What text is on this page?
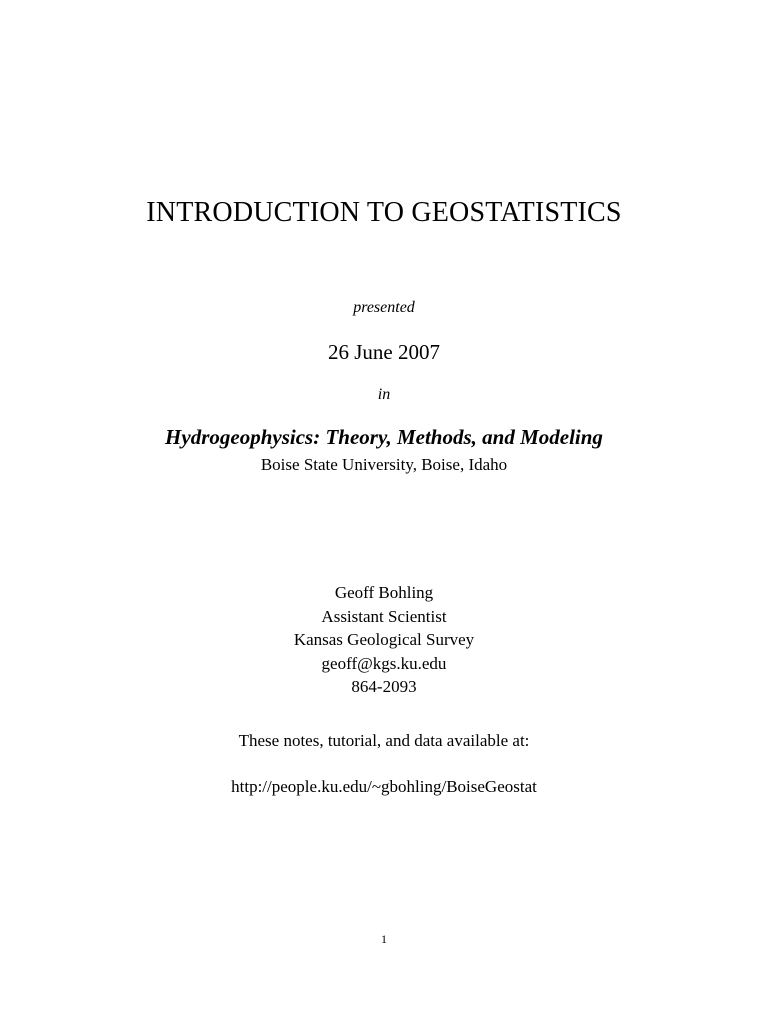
INTRODUCTION TO GEOSTATISTICS
presented
26 June 2007
in
Hydrogeophysics: Theory, Methods, and Modeling
Boise State University, Boise, Idaho
Geoff Bohling
Assistant Scientist
Kansas Geological Survey
geoff@kgs.ku.edu
864-2093
These notes, tutorial, and data available at:
http://people.ku.edu/~gbohling/BoiseGeostat
1
